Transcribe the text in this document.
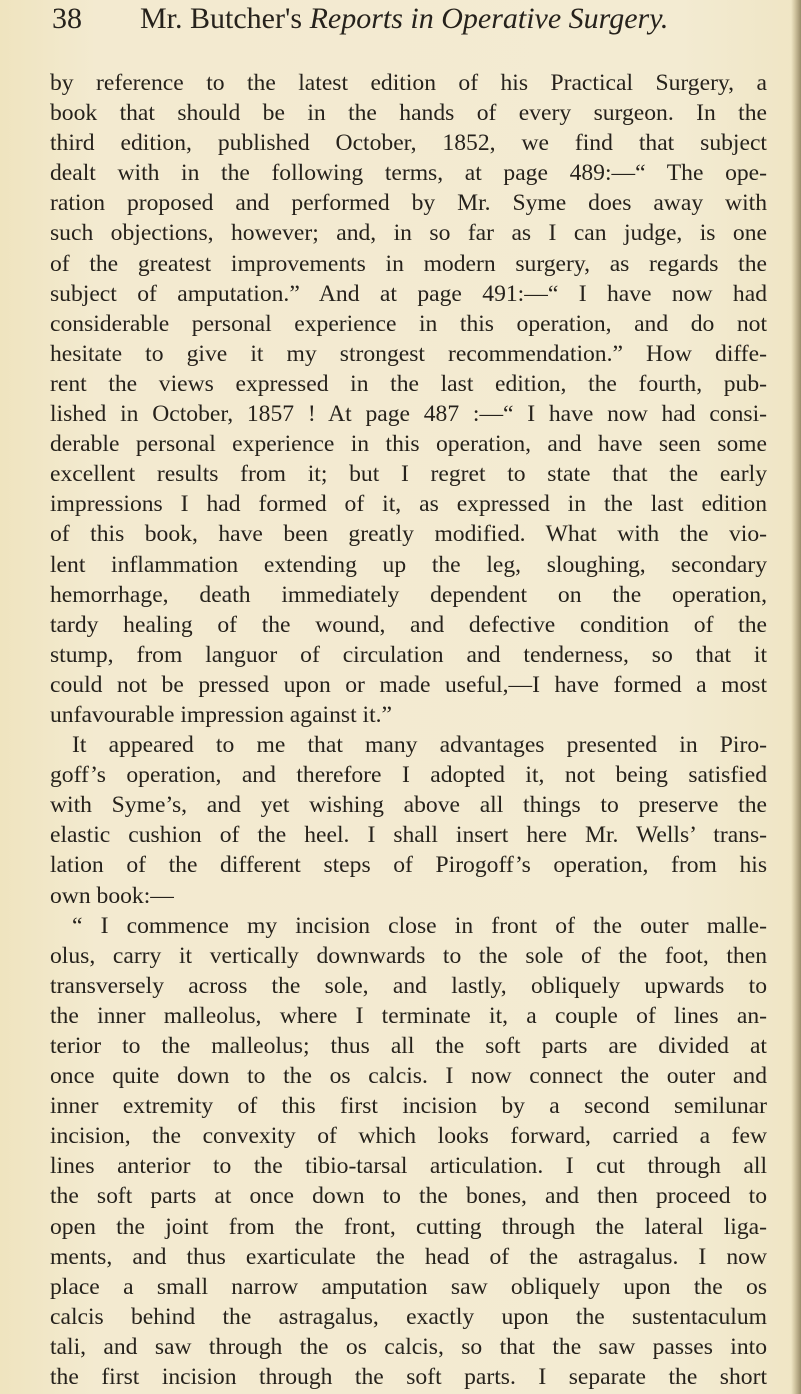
38 Mr. Butcher's Reports in Operative Surgery.
by reference to the latest edition of his Practical Surgery, a
book that should be in the hands of every surgeon. In the
third edition, published October, 1852, we find that subject
dealt with in the following terms, at page 489:—“ The ope-
ration proposed and performed by Mr. Syme does away with
such objections, however; and, in so far as I can judge, is one
of the greatest improvements in modern surgery, as regards the
subject of amputation.” And at page 491:—“ I have now had
considerable personal experience in this operation, and do not
hesitate to give it my strongest recommendation.” How diffe-
rent the views expressed in the last edition, the fourth, pub-
lished in October, 1857 ! At page 487 :—“ I have now had consi-
derable personal experience in this operation, and have seen some
excellent results from it; but I regret to state that the early
impressions I had formed of it, as expressed in the last edition
of this book, have been greatly modified. What with the vio-
lent inflammation extending up the leg, sloughing, secondary
hemorrhage, death immediately dependent on the operation,
tardy healing of the wound, and defective condition of the
stump, from languor of circulation and tenderness, so that it
could not be pressed upon or made useful,—I have formed a most
unfavourable impression against it.”
It appeared to me that many advantages presented in Piro-
goff’s operation, and therefore I adopted it, not being satisfied
with Syme’s, and yet wishing above all things to preserve the
elastic cushion of the heel. I shall insert here Mr. Wells’ trans-
lation of the different steps of Pirogoff’s operation, from his
own book:—
“ I commence my incision close in front of the outer malle-
olus, carry it vertically downwards to the sole of the foot, then
transversely across the sole, and lastly, obliquely upwards to
the inner malleolus, where I terminate it, a couple of lines an-
terior to the malleolus; thus all the soft parts are divided at
once quite down to the os calcis. I now connect the outer and
inner extremity of this first incision by a second semilunar
incision, the convexity of which looks forward, carried a few
lines anterior to the tibio-tarsal articulation. I cut through all
the soft parts at once down to the bones, and then proceed to
open the joint from the front, cutting through the lateral liga-
ments, and thus exarticulate the head of the astragalus. I now
place a small narrow amputation saw obliquely upon the os
calcis behind the astragalus, exactly upon the sustentaculum
tali, and saw through the os calcis, so that the saw passes into
the first incision through the soft parts. I separate the short
